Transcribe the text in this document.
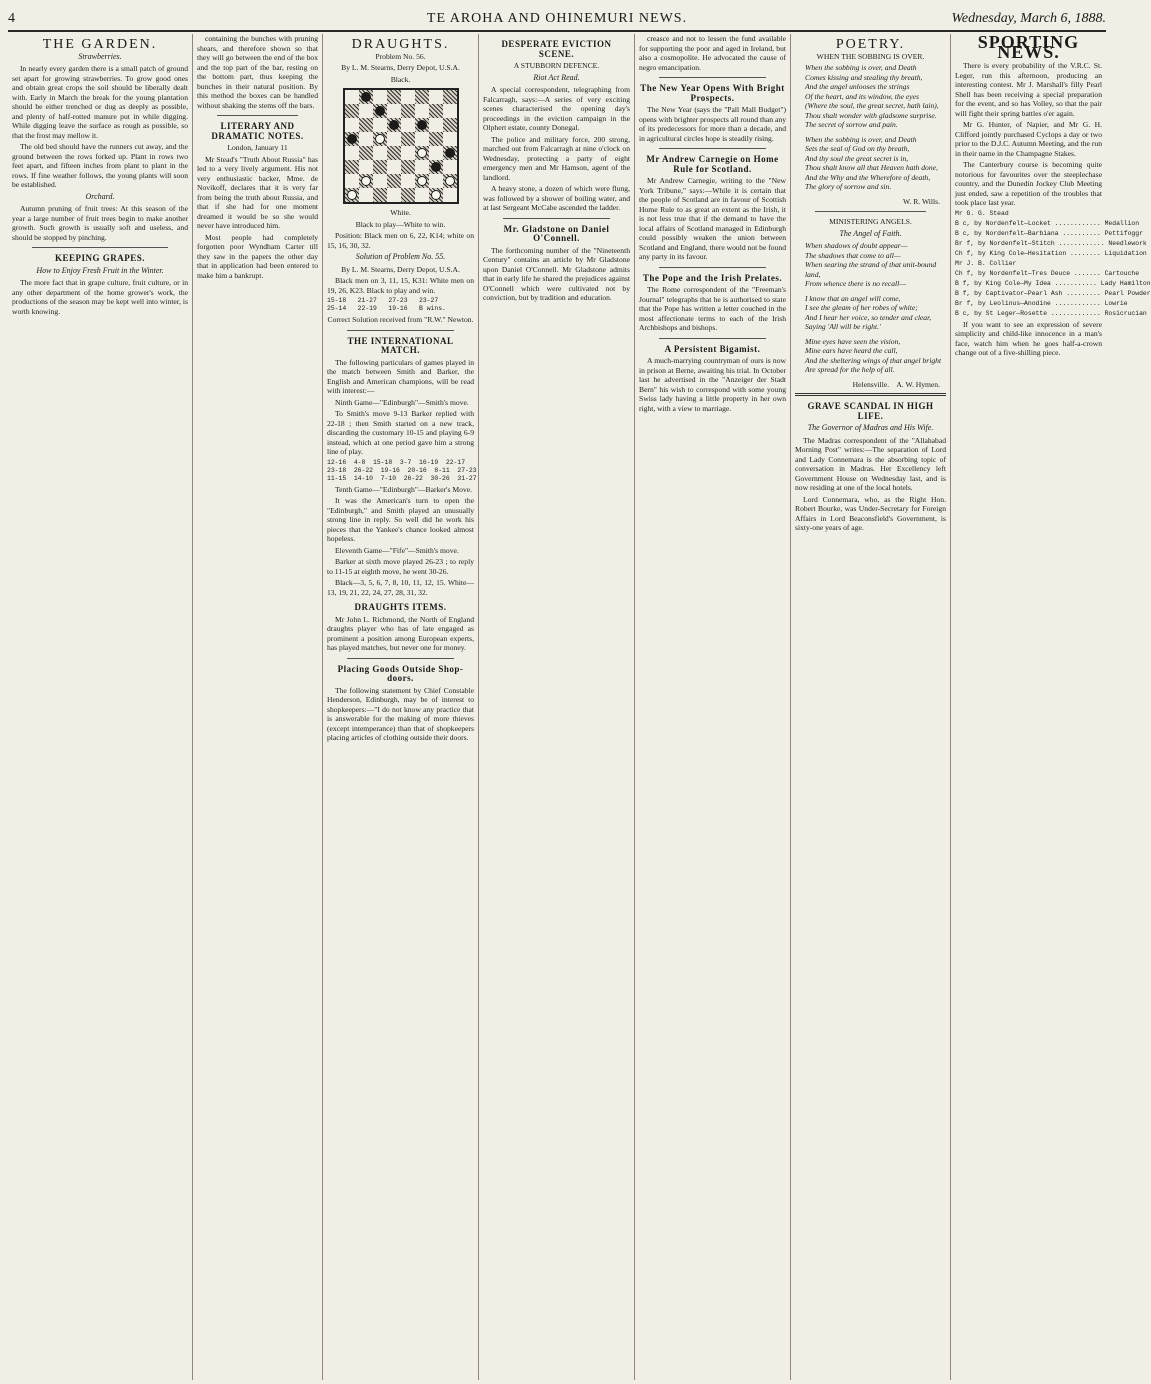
4	TE AROHA AND OHINEMURI NEWS.	Wednesday, March 6, 1888.
THE GARDEN.
Strawberries.

In nearly every garden there is a small patch of ground set apart for growing strawberries. To grow good ones and obtain great crops the soil should be liberally dealt with. Early in March the break for the young plantation should be either trenched or dug as deeply as possible, and plenty of half-rotted manure put in while digging. While digging leave the surface as rough as possible, so that the frost may mellow it.

The old bed should have the runners cut away, and the ground between the rows forked up. Plant in rows two feet apart, and fifteen inches from plant to plant in the rows. If fine weather follows, the young plants will soon be established.

Orchard.

Autumn pruning of fruit trees: At this season of the year a large number of fruit trees begin to make another growth. Such growth is usually soft and useless, and should be stopped by pinching.

KEEPING GRAPES.
How to Enjoy Fresh Fruit in the Winter.

The more fact that in grape culture, fruit culture, or in any other department of the home grower's work, the productions of the season may be kept well into winter, is worth knowing.

containing the bunches with pruning shears, and therefore shown so that they will go between the end of the box and the top part of the bar, resting on the bottom part, thus keeping the bunches in their natural position. By this method the boxes can be handled without shaking the stems off the bars.

LITERARY AND DRAMATIC NOTES.
London, January 11

Mr Stead's "Truth About Russia" has led to a very lively argument. His not very enthusiastic backer, Mme. de Novikoff, declares that it is very far from being the truth about Russia, and that if she had for one moment dreamed it would be so she would never have introduced him.

Most people had completely forgotten poor Wyndham Carter till they saw in the papers the other day that in application had been entered to make him a bankrupt.

DRAUGHTS.
Problem No. 56.
By L. M. Stearns, Derry Depot, U.S.A.
Black.
White.
Black to play—White to win.

Position: Black men on 6, 22, K14; white on 15, 16, 30, 32.

Solution of Problem No. 55.
By L. M. Stearns, Derry Depot, U.S.A.

Black men on 3, 11, 15, K31: White men on 19, 26, K23. Black to play and win.

15-18   21-27   27-23   23-27
25-14   22-19   19-16   B wins.
Correct Solution received from "R.W." Newton.
THE INTERNATIONAL MATCH.

The following particulars of games played in the match between Smith and Barker, the English and American champions, will be read with interest:—

Ninth Game—"Edinburgh"—Smith's move.

To Smith's move 9-13 Barker replied with 22-18 ; then Smith started on a new track, discarding the customary 10-15 and playing 6-9 instead, which at one period gave him a strong line of play.

12-16  4-8  15-18  3-7  16-19  22-17
23-18  26-22  19-16  20-16  8-11  27-23
11-15  14-10  7-10  26-22  30-26  31-27

Tenth Game—"Edinburgh"—Barker's Move.

It was the American's turn to open the "Edinburgh," and Smith played an unusually strong line in reply. So well did he work his pieces that the Yankee's chance looked almost hopeless.

Eleventh Game—"Fife"—Smith's move.

Barker at sixth move played 26-23 ; to reply to 11-15 at eighth move, he went 30-26.

Black—3, 5, 6, 7, 8, 10, 11, 12, 15. White—13, 19, 21, 22, 24, 27, 28, 31, 32.

DRAUGHTS ITEMS.

Mr John L. Richmond, the North of England draughts player who has of late engaged as prominent a position among European experts, has played matches, but never one for money.

Placing Goods Outside Shop-doors.

The following statement by Chief Constable Henderson, Edinburgh, may be of interest to shopkeepers:—"I do not know any practice that is answerable for the making of more thieves (except intemperance) than that of shopkeepers placing articles of clothing outside their doors.

DESPERATE EVICTION SCENE.
A STUBBORN DEFENCE.
Riot Act Read.

A special correspondent, telegraphing from Falcarragh, says:—A series of very exciting scenes characterised the opening day's proceedings in the eviction campaign in the Olphert estate, county Donegal.

The police and military force, 200 strong, marched out from Falcarragh at nine o'clock on Wednesday, protecting a party of eight emergency men and Mr Hamson, agent of the landlord.

A heavy stone, a dozen of which were flung, was followed by a shower of boiling water, and at last Sergeant McCabe ascended the ladder.

Mr. Gladstone on Daniel O'Connell.

The forthcoming number of the "Nineteenth Century" contains an article by Mr Gladstone upon Daniel O'Connell. Mr Gladstone admits that in early life he shared the prejudices against O'Connell which were cultivated not by conviction, but by tradition and education.

creasce and not to lessen the fund available for supporting the poor and aged in Ireland, but also a cosmopolite. He advocated the cause of negro emancipation.

The New Year Opens With Bright Prospects.

The New Year (says the "Pall Mall Budget") opens with brighter prospects all round than any of its predecessors for more than a decade, and in agricultural circles hope is steadily rising.

Mr Andrew Carnegie on Home Rule for Scotland.

Mr Andrew Carnegie, writing to the "New York Tribune," says:—While it is certain that the people of Scotland are in favour of Scottish Home Rule to as great an extent as the Irish, it is not less true that if the demand to have the local affairs of Scotland managed in Edinburgh could possibly weaken the union between Scotland and England, there would not be found any party in its favour.

The Pope and the Irish Prelates.

The Rome correspondent of the "Freeman's Journal" telegraphs that he is authorised to state that the Pope has written a letter couched in the most affectionate terms to each of the Irish Archbishops and bishops.

A Persistent Bigamist.

A much-marrying countryman of ours is now in prison at Berne, awaiting his trial. In October last he advertised in the "Anzeiger der Stadt Bern" his wish to correspond with some young Swiss lady having a little property in her own right, with a view to marriage.

POETRY.
WHEN THE SOBBING IS OVER.
When the sobbing is over, and Death
Comes kissing and stealing thy breath,
And the angel unlooses the strings
Of the heart, and its window, the eyes
(Where the soul, the great secret, hath lain),
Thou shalt wonder with gladsome surprise.
The secret of sorrow and pain.
When the sobbing is over, and Death
Sets the seal of God on thy breath,
And thy soul the great secret is in,
Thou shalt know all that Heaven hath done,
And the Why and the Wherefore of death,
The glory of sorrow and sin.
W. R. Wills.
MINISTERING ANGELS.
The Angel of Faith.
When shadows of doubt appear—
The shadows that come to all—
When searing the strand of that unit-bound land,
From whence there is no recall—
I know that an angel will come,
I see the gleam of her robes of white;
And I hear her voice, so tender and clear,
Saying 'All will be right.'
Mine eyes have seen the vision,
Mine ears have heard the call,
And the sheltering wings of that angel bright
Are spread for the help of all.
Helensville. A. W. Hymen.
GRAVE SCANDAL IN HIGH LIFE.
The Governor of Madras and His Wife.

The Madras correspondent of the "Allahabad Morning Post" writes:—The separation of Lord and Lady Connemara is the absorbing topic of conversation in Madras. Her Excellency left Government House on Wednesday last, and is now residing at one of the local hotels.

Lord Connemara, who, as the Right Hon. Robert Bourke, was Under-Secretary for Foreign Affairs in Lord Beaconsfield's Government, is sixty-one years of age.

SPORTING NEWS.

There is every probability of the V.R.C. St. Leger, run this afternoon, producing an interesting contest. Mr J. Marshall's filly Pearl Shell has been receiving a special preparation for the event, and so has Volley, so that the pair will fight their spring battles o'er again.

Mr G. Hunter, of Napier, and Mr G. H. Clifford jointly purchased Cyclops a day or two prior to the D.J.C. Autumn Meeting, and the run in their name in the Champagne Stakes.

The Canterbury course is becoming quite notorious for favourites over the steeplechase country, and the Dunedin Jockey Club Meeting just ended, saw a repetition of the troubles that took place last year.

Mr G. G. Stead
B c, by Nordenfelt—Locket ............ Medallion
B c, by Nordenfelt—Barbiana .......... Pettifoggr
Br f, by Nordenfelt—Stitch ............ Needlework
Ch f, by King Cole—Hesitation ........ Liquidation
Mr J. B. Collier
Ch f, by Nordenfelt—Tres Deuce ....... Cartouche
B f, by King Cole—My Idea ........... Lady Hamilton
B f, by Captivator—Pearl Ash ......... Pearl Powder
Br f, by Leolinus—Anodine ............ Lowrie
B c, by St Leger—Rosette ............. Rosicrucian

If you want to see an expression of severe simplicity and child-like innocence in a man's face, watch him when he goes half-a-crown change out of a five-shilling piece.
